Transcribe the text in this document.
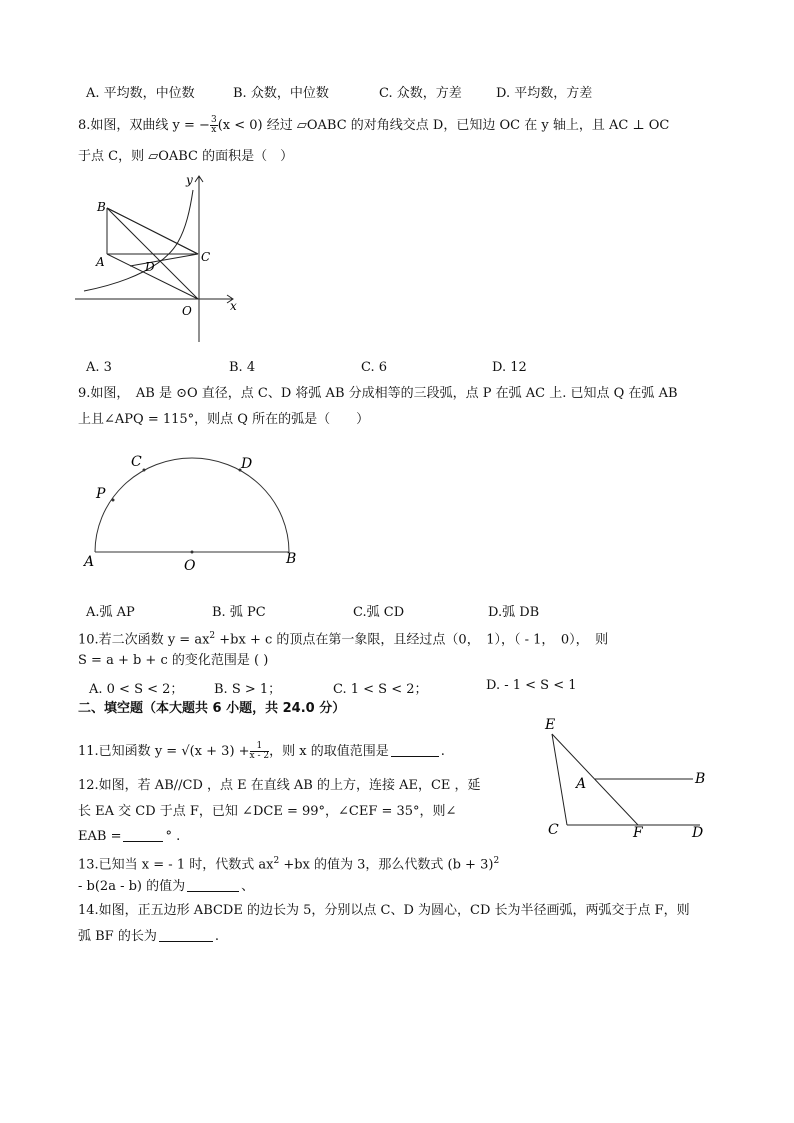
A. 平均数，中位数	B. 众数，中位数	C. 众数，方差	D. 平均数，方差
8.如图，双曲线 y = − $\frac{3}{x} (x < 0)$ 经过 ▱OABC 的对角线交点 D，已知边 OC 在 y 轴上，且 AC ⊥ OC
于点 C，则 ▱OABC 的面积是（　）
y
x
B
A	D
C
O
A. 3	B. 4	C. 6	D. 12
9.如图，　AB 是 ⊙O 直径，点 C、D 将弧 AB 分成相等的三段弧，点 P 在弧 AC 上. 已知点 Q 在弧 AB
上且∠APQ = 115°，则点 Q 所在的弧是（　　）
C	D
P
A	O	B
A.弧 AP	B. 弧 PC	C.弧 CD	D.弧 DB
10.若二次函数 $y = ax^2 +bx + c$ 的顶点在第一象限，且经过点（0，　1），（ - 1，　0），　则
S = a + b + c 的变化范围是 ( )
A. 0 < S < 2； B. S > 1；	C. 1 < S < 2；	D. - 1 < S < 1
二、填空题（本大题共 6 小题，共 24.0 分）
11.已知函数 $y = √(x + 3) + \frac{1}{x - 2}$ ，则 x 的取值范围是	.
12.如图，若 AB//CD ，点 E 在直线 AB 的上方，连接 AE，CE ，延
长 EA 交 CD 于点 F，已知 ∠DCE = 99°，∠CEF = 35°，则∠
EAB =	° .
E
A	B
C	F	D
13.已知当 x = - 1 时，代数式 $ax^2 +bx$ 的值为 3，那么代数式 $(b + 3)^2$
- b(2a - b) 的值为	、
14.如图，正五边形 ABCDE 的边长为 5，分别以点 C、D 为圆心，CD 长为半径画弧，两弧交于点 F，则
弧 BF 的长为	.
